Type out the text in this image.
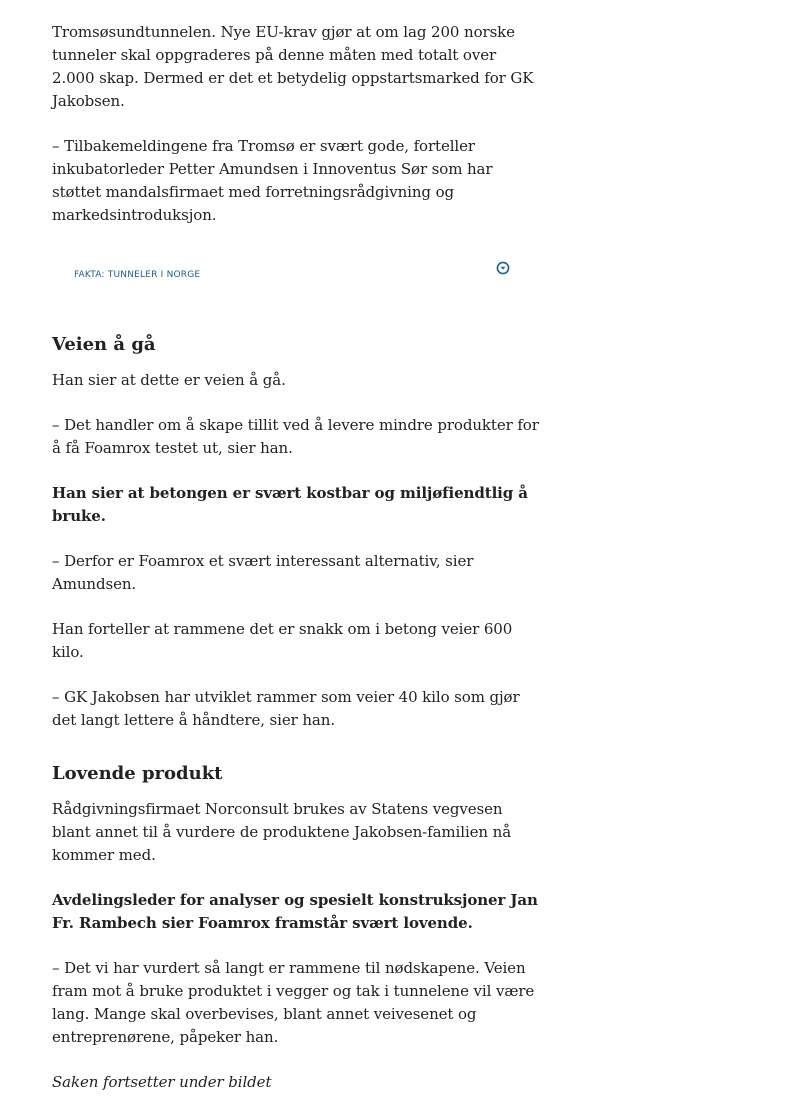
Tromsøsundtunnelen. Nye EU-krav gjør at om lag 200 norske tunneler skal oppgraderes på denne måten med totalt over 2.000 skap. Dermed er det et betydelig oppstartsmarked for GK Jakobsen.

– Tilbakemeldingene fra Tromsø er svært gode, forteller inkubatorleder Petter Amundsen i Innoventus Sør som har støttet mandalsfirmaet med forretningsrådgivning og markedsintroduksjon.

FAKTA: TUNNELER I NORGE
Veien å gå

Han sier at dette er veien å gå.

– Det handler om å skape tillit ved å levere mindre produkter for å få Foamrox testet ut, sier han.

Han sier at betongen er svært kostbar og miljøfiendtlig å bruke.

– Derfor er Foamrox et svært interessant alternativ, sier Amundsen.

Han forteller at rammene det er snakk om i betong veier 600 kilo.

– GK Jakobsen har utviklet rammer som veier 40 kilo som gjør det langt lettere å håndtere, sier han.

Lovende produkt

Rådgivningsfirmaet Norconsult brukes av Statens vegvesen blant annet til å vurdere de produktene Jakobsen-familien nå kommer med.

Avdelingsleder for analyser og spesielt konstruksjoner Jan Fr. Rambech sier Foamrox framstår svært lovende.

– Det vi har vurdert så langt er rammene til nødskapene. Veien fram mot å bruke produktet i vegger og tak i tunnelene vil være lang. Mange skal overbevises, blant annet veivesenet og entreprenørene, påpeker han.

Saken fortsetter under bildet
